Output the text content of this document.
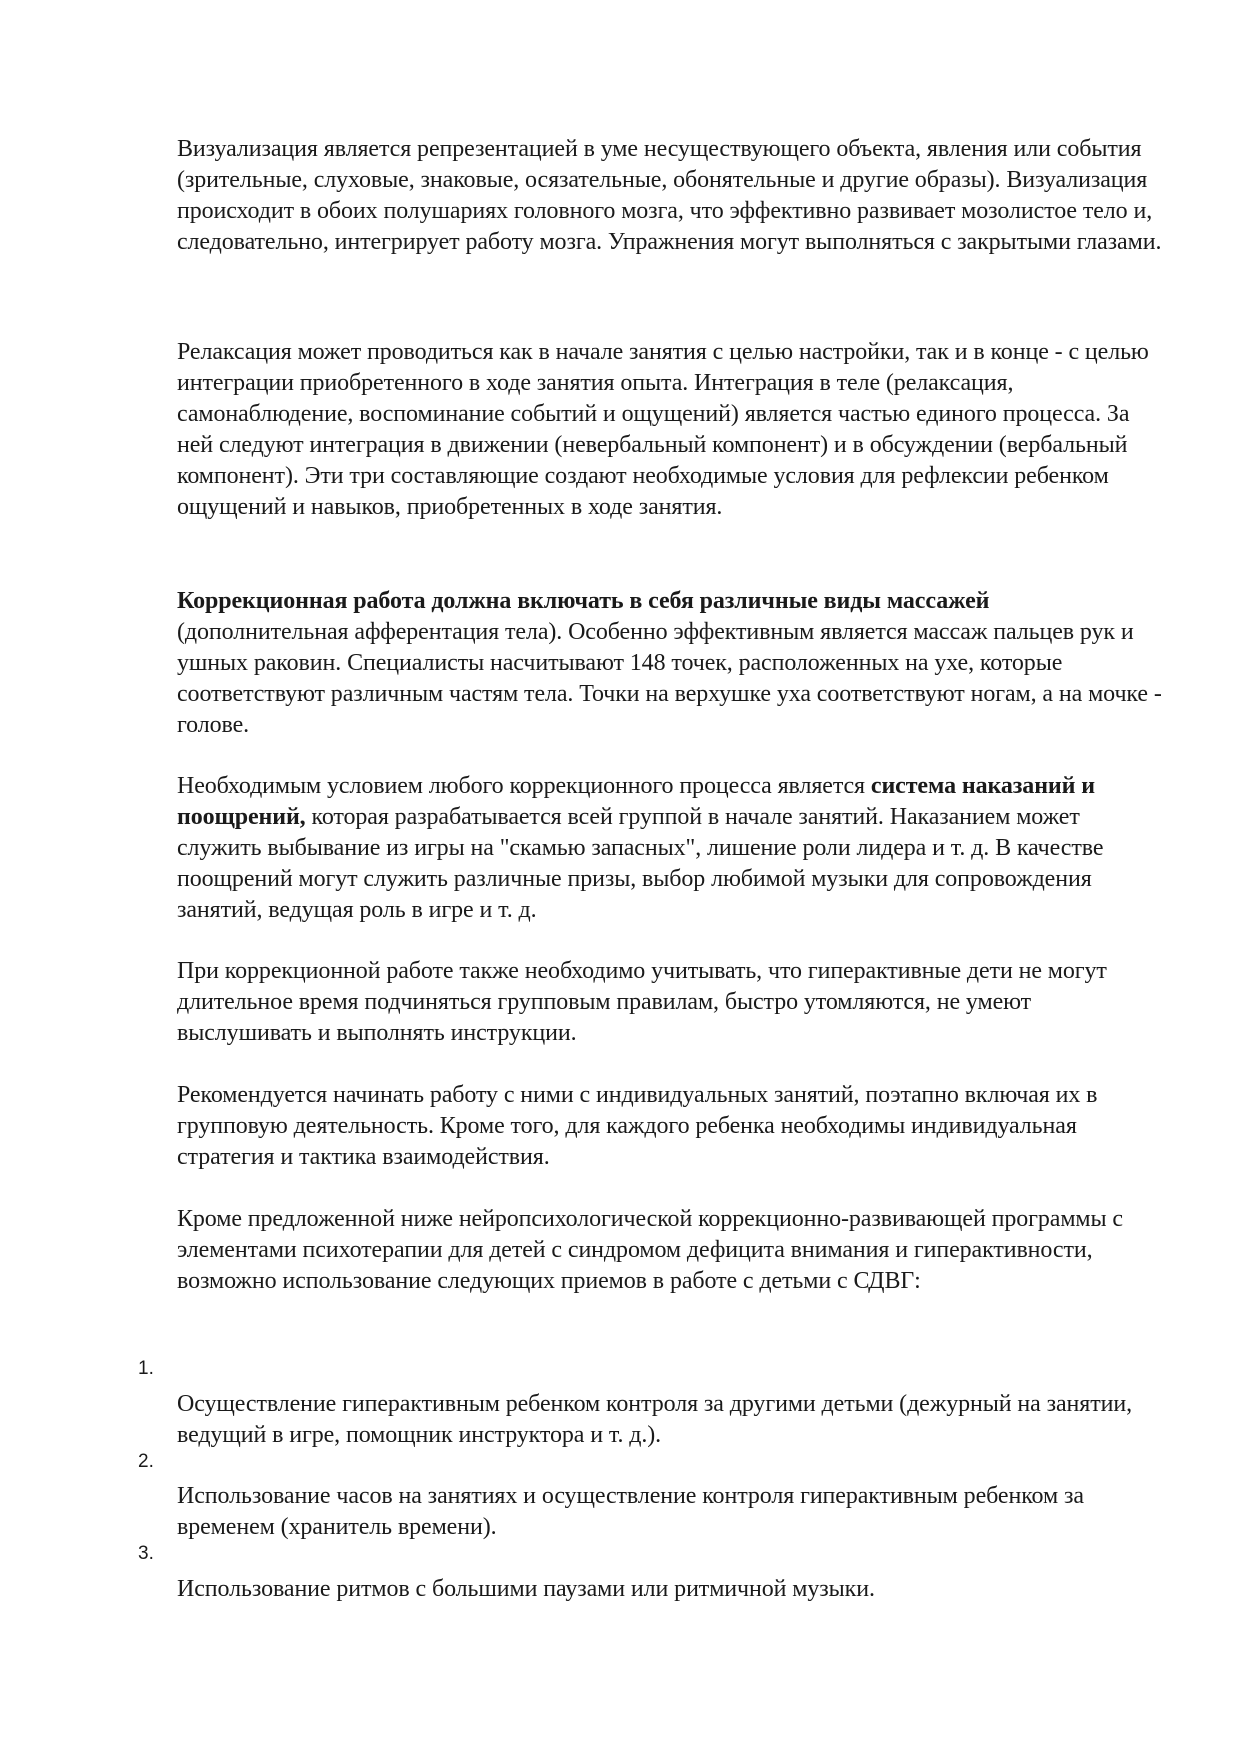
Визуализация является репрезентацией в уме несуществующего объекта, явления или события (зрительные, слуховые, знаковые, осязательные, обонятельные и другие образы). Визуализация происходит в обоих полушариях головного мозга, что эффективно развивает мозолистое тело и, следовательно, интегрирует работу мозга. Упражнения могут выполняться с закрытыми глазами.

Релаксация может проводиться как в начале занятия с целью настройки, так и в конце - с целью интеграции приобретенного в ходе занятия опыта. Интеграция в теле (релаксация, самонаблюдение, воспоминание событий и ощущений) является частью единого процесса. За ней следуют интеграция в движении (невербальный компонент) и в обсуждении (вербальный компонент). Эти три составляющие создают необходимые условия для рефлексии ребенком ощущений и навыков, приобретенных в ходе занятия.

Коррекционная работа должна включать в себя различные виды массажей (дополнительная афферентация тела). Особенно эффективным является массаж пальцев рук и ушных раковин. Специалисты насчитывают 148 точек, расположенных на ухе, которые соответствуют различным частям тела. Точки на верхушке уха соответствуют ногам, а на мочке - голове.

Необходимым условием любого коррекционного процесса является система наказаний и поощрений, которая разрабатывается всей группой в начале занятий. Наказанием может служить выбывание из игры на "скамью запасных", лишение роли лидера и т. д. В качестве поощрений могут служить различные призы, выбор любимой музыки для сопровождения занятий, ведущая роль в игре и т. д.

При коррекционной работе также необходимо учитывать, что гиперактивные дети не могут длительное время подчиняться групповым правилам, быстро утомляются, не умеют выслушивать и выполнять инструкции.

Рекомендуется начинать работу с ними с индивидуальных занятий, поэтапно включая их в групповую деятельность. Кроме того, для каждого ребенка необходимы индивидуальная стратегия и тактика взаимодействия.

Кроме предложенной ниже нейропсихологической коррекционно-развивающей программы с элементами психотерапии для детей с синдромом дефицита внимания и гиперактивности, возможно использование следующих приемов в работе с детьми с СДВГ:

1.

Осуществление гиперактивным ребенком контроля за другими детьми (дежурный на занятии, ведущий в игре, помощник инструктора и т. д.).

2.

Использование часов на занятиях и осуществление контроля гиперактивным ребенком за временем (хранитель времени).

3.

Использование ритмов с большими паузами или ритмичной музыки.
